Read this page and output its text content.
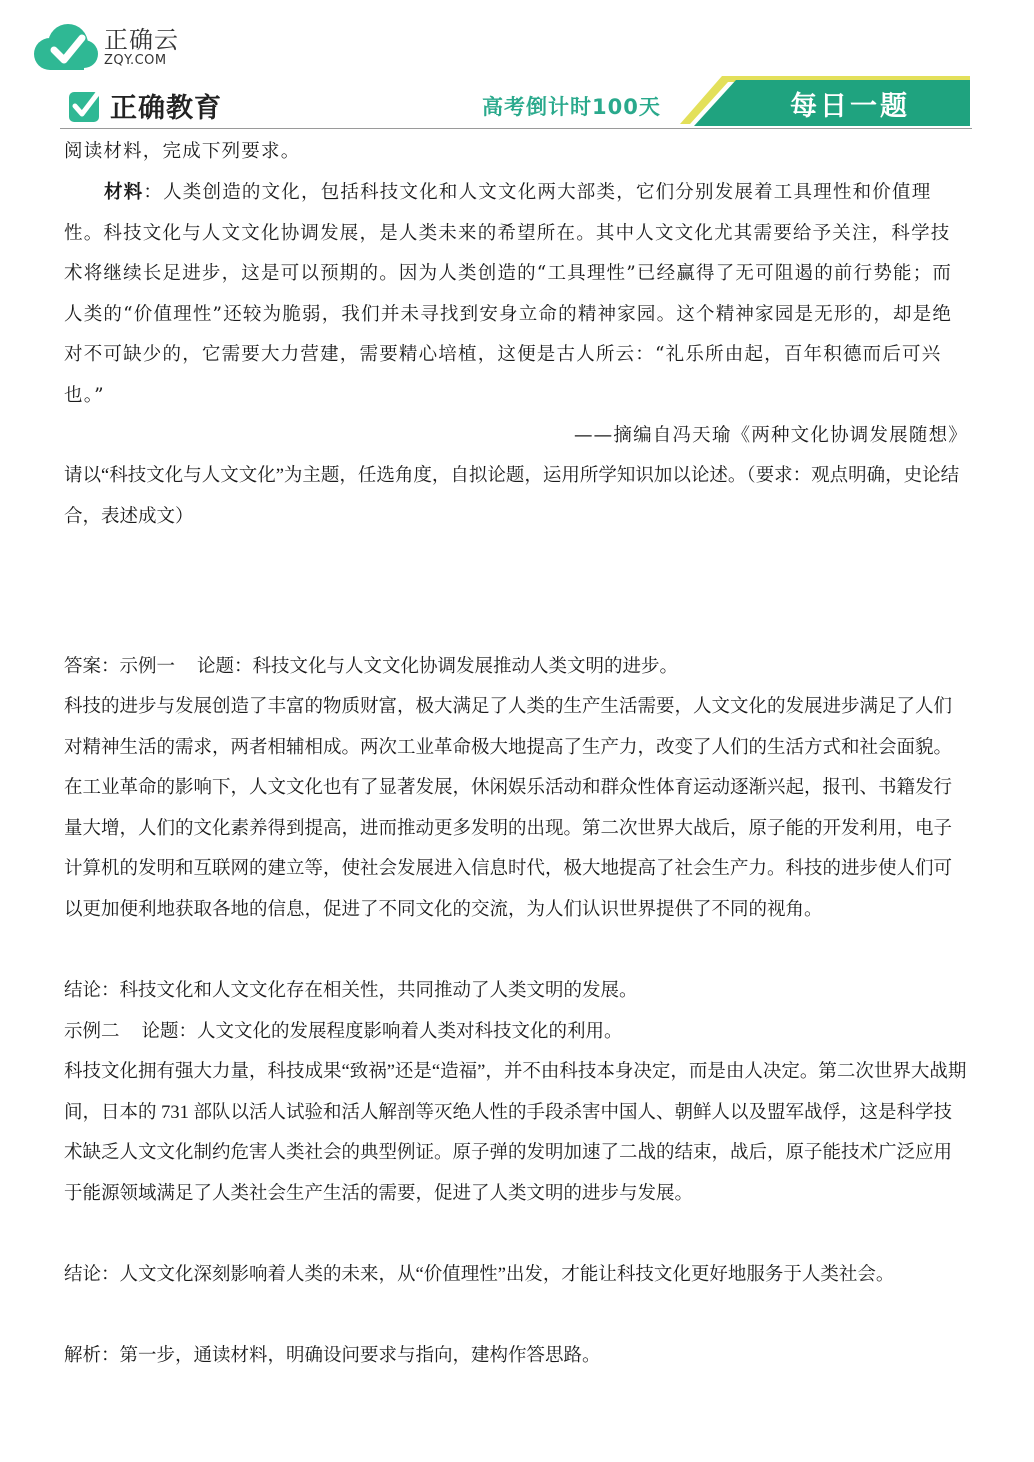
正确云
ZQY.COM
正确教育	高考倒计时100天	每日一题

阅读材料，完成下列要求。

材料：人类创造的文化，包括科技文化和人文文化两大部类，它们分别发展着工具理性和价值理性。科技文化与人文文化协调发展，是人类未来的希望所在。其中人文文化尤其需要给予关注，科学技术将继续长足进步，这是可以预期的。因为人类创造的“工具理性”已经赢得了无可阻遏的前行势能；而人类的“价值理性”还较为脆弱，我们并未寻找到安身立命的精神家园。这个精神家园是无形的，却是绝对不可缺少的，它需要大力营建，需要精心培植，这便是古人所云：“礼乐所由起，百年积德而后可兴也。”

——摘编自冯天瑜《两种文化协调发展随想》

请以“科技文化与人文文化”为主题，任选角度，自拟论题，运用所学知识加以论述。（要求：观点明确，史论结合，表述成文）

答案：示例一 论题：科技文化与人文文化协调发展推动人类文明的进步。

科技的进步与发展创造了丰富的物质财富，极大满足了人类的生产生活需要，人文文化的发展进步满足了人们对精神生活的需求，两者相辅相成。两次工业革命极大地提高了生产力，改变了人们的生活方式和社会面貌。在工业革命的影响下，人文文化也有了显著发展，休闲娱乐活动和群众性体育运动逐渐兴起，报刊、书籍发行量大增，人们的文化素养得到提高，进而推动更多发明的出现。第二次世界大战后，原子能的开发利用，电子计算机的发明和互联网的建立等，使社会发展进入信息时代，极大地提高了社会生产力。科技的进步使人们可以更加便利地获取各地的信息，促进了不同文化的交流，为人们认识世界提供了不同的视角。

结论：科技文化和人文文化存在相关性，共同推动了人类文明的发展。

示例二 论题：人文文化的发展程度影响着人类对科技文化的利用。

科技文化拥有强大力量，科技成果“致祸”还是“造福”，并不由科技本身决定，而是由人决定。第二次世界大战期间，日本的 731 部队以活人试验和活人解剖等灭绝人性的手段杀害中国人、朝鲜人以及盟军战俘，这是科学技术缺乏人文文化制约危害人类社会的典型例证。原子弹的发明加速了二战的结束，战后，原子能技术广泛应用于能源领域满足了人类社会生产生活的需要，促进了人类文明的进步与发展。

结论：人文文化深刻影响着人类的未来，从“价值理性”出发，才能让科技文化更好地服务于人类社会。

解析：第一步，通读材料，明确设问要求与指向，建构作答思路。
